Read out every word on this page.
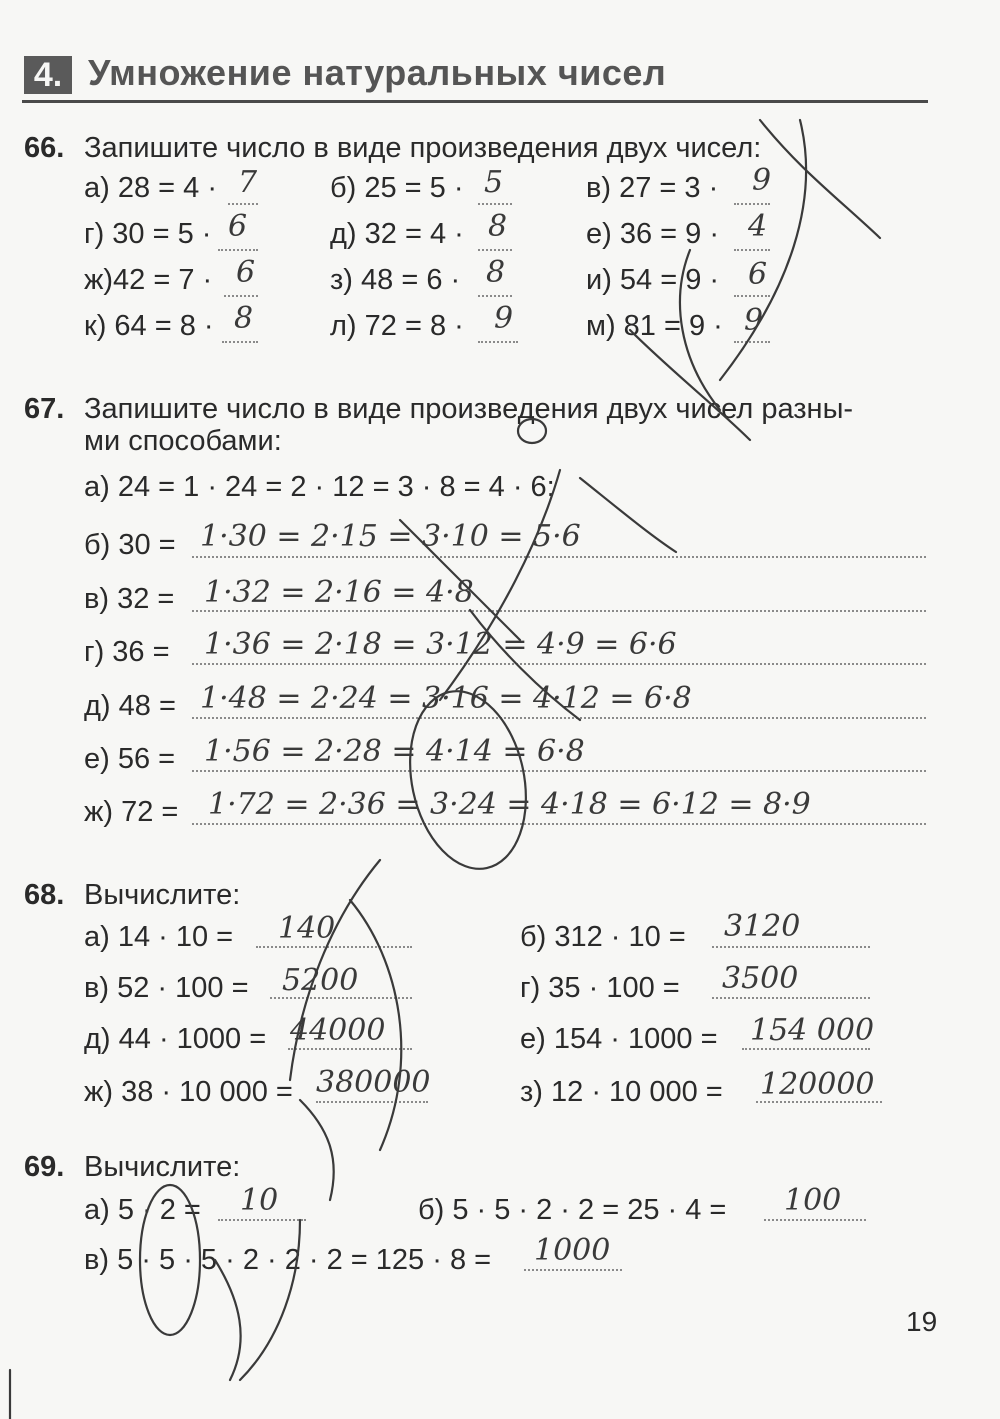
4. Умножение натуральных чисел
66. Запишите число в виде произведения двух чисел:
а) 28 = 4 · 7	б) 25 = 5 · 5	в) 27 = 3 · 9
г) 30 = 5 · 6	д) 32 = 4 · 8	е) 36 = 9 · 4
ж)42 = 7 · 6	з) 48 = 6 · 8	и) 54 = 9 · 6
к) 64 = 8 · 8	л) 72 = 8 · 9	м) 81 = 9 · 9
67. Запишите число в виде произведения двух чисел разны-
ми способами:
а) 24 = 1 · 24 = 2 · 12 = 3 · 8 = 4 · 6;
б) 30 = 1·30 = 2·15 = 3·10 = 5·6
в) 32 = 1·32 = 2·16 = 4·8
г) 36 = 1·36 = 2·18 = 3·12 = 4·9 = 6·6
д) 48 = 1·48 = 2·24 = 3·16 = 4·12 = 6·8
е) 56 = 1·56 = 2·28 = 4·14 = 6·8
ж) 72 = 1·72 = 2·36 = 3·24 = 4·18 = 6·12 = 8·9
68. Вычислите:
а) 14 · 10 = 140	б) 312 · 10 = 3120
в) 52 · 100 = 5200	г) 35 · 100 = 3500
д) 44 · 1000 = 44000	е) 154 · 1000 = 154 000
ж) 38 · 10 000 = 380000	з) 12 · 10 000 = 120000
69. Вычислите:
а) 5 · 2 = 10	б) 5 · 5 · 2 · 2 = 25 · 4 = 100
в) 5 · 5 · 5 · 2 · 2 · 2 = 125 · 8 = 1000
19
